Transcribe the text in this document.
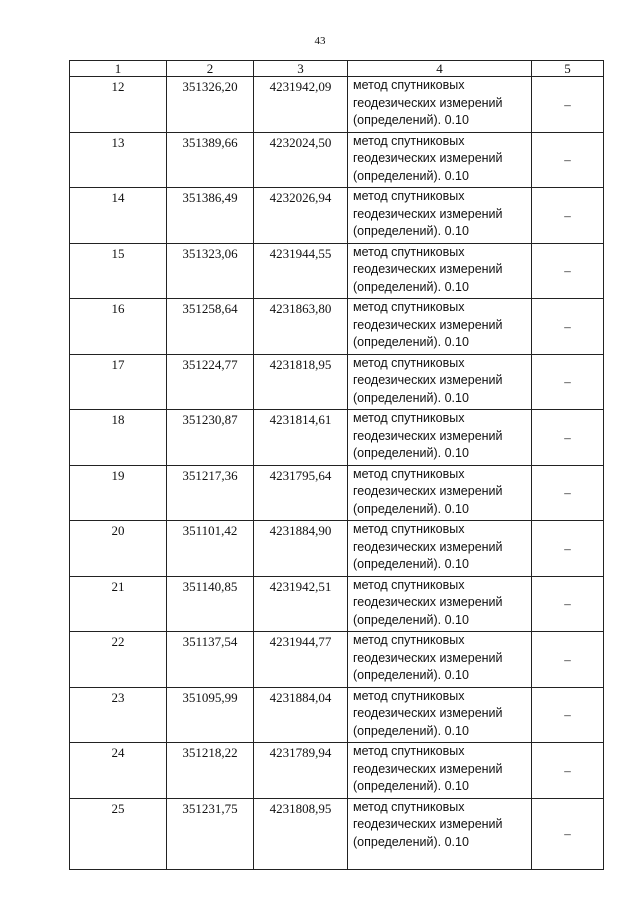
43
1	2	3	4	5
12	351326,20	4231942,09	метод спутниковых
геодезических измерений
(определений). 0.10	–
13	351389,66	4232024,50	метод спутниковых
геодезических измерений
(определений). 0.10	–
14	351386,49	4232026,94	метод спутниковых
геодезических измерений
(определений). 0.10	–
15	351323,06	4231944,55	метод спутниковых
геодезических измерений
(определений). 0.10	–
16	351258,64	4231863,80	метод спутниковых
геодезических измерений
(определений). 0.10	–
17	351224,77	4231818,95	метод спутниковых
геодезических измерений
(определений). 0.10	–
18	351230,87	4231814,61	метод спутниковых
геодезических измерений
(определений). 0.10	–
19	351217,36	4231795,64	метод спутниковых
геодезических измерений
(определений). 0.10	–
20	351101,42	4231884,90	метод спутниковых
геодезических измерений
(определений). 0.10	–
21	351140,85	4231942,51	метод спутниковых
геодезических измерений
(определений). 0.10	–
22	351137,54	4231944,77	метод спутниковых
геодезических измерений
(определений). 0.10	–
23	351095,99	4231884,04	метод спутниковых
геодезических измерений
(определений). 0.10	–
24	351218,22	4231789,94	метод спутниковых
геодезических измерений
(определений). 0.10	–
25	351231,75	4231808,95	метод спутниковых
геодезических измерений
(определений). 0.10	–
